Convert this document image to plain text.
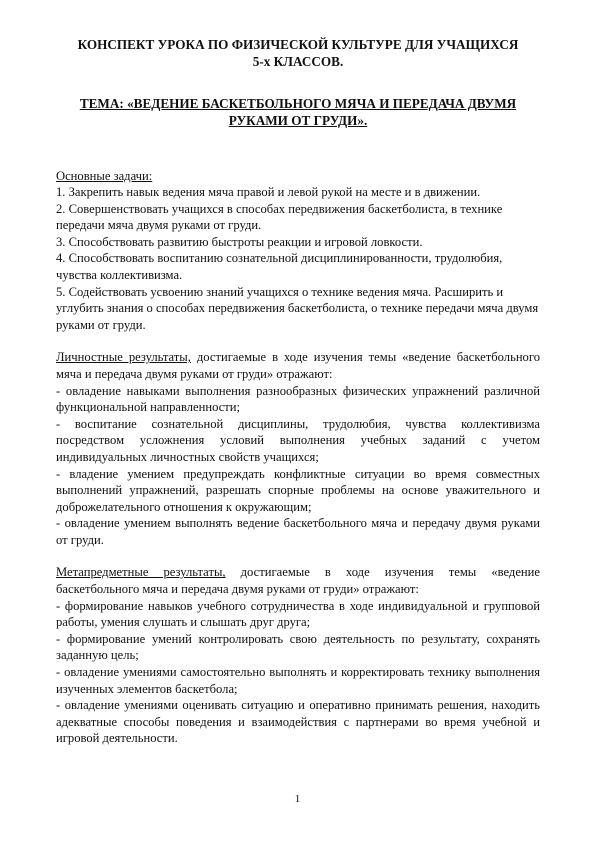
КОНСПЕКТ УРОКА ПО ФИЗИЧЕСКОЙ КУЛЬТУРЕ ДЛЯ УЧАЩИХСЯ
5-х КЛАССОВ.
ТЕМА: «ВЕДЕНИЕ БАСКЕТБОЛЬНОГО МЯЧА И ПЕРЕДАЧА ДВУМЯ
РУКАМИ ОТ ГРУДИ».
Основные задачи:
1. Закрепить навык ведения мяча правой и левой рукой на месте и в движении.
2. Совершенствовать учащихся в способах передвижения баскетболиста, в технике передачи мяча двумя руками от груди.
3. Способствовать развитию быстроты реакции и игровой ловкости.
4. Способствовать воспитанию сознательной дисциплинированности, трудолюбия, чувства коллективизма.
5. Содействовать усвоению знаний учащихся о технике ведения мяча. Расширить и углубить знания о способах передвижения баскетболиста, о технике передачи мяча двумя руками от груди.
Личностные результаты, достигаемые в ходе изучения темы «ведение баскетбольного мяча и передача двумя руками от груди» отражают:
- овладение навыками выполнения разнообразных физических упражнений различной функциональной направленности;
- воспитание сознательной дисциплины, трудолюбия, чувства коллективизма посредством усложнения условий выполнения учебных заданий с учетом индивидуальных личностных свойств учащихся;
- владение умением предупреждать конфликтные ситуации во время совместных выполнений упражнений, разрешать спорные проблемы на основе уважительного и доброжелательного отношения к окружающим;
- овладение умением выполнять ведение баскетбольного мяча и передачу двумя руками от груди.
Метапредметные результаты, достигаемые в ходе изучения темы «ведение баскетбольного мяча и передача двумя руками от груди» отражают:
- формирование навыков учебного сотрудничества в ходе индивидуальной и групповой работы, умения слушать и слышать друг друга;
- формирование умений контролировать свою деятельность по результату, сохранять заданную цель;
- овладение умениями самостоятельно выполнять и корректировать технику выполнения изученных элементов баскетбола;
- овладение умениями оценивать ситуацию и оперативно принимать решения, находить адекватные способы поведения и взаимодействия с партнерами во время учебной и игровой деятельности.
1
